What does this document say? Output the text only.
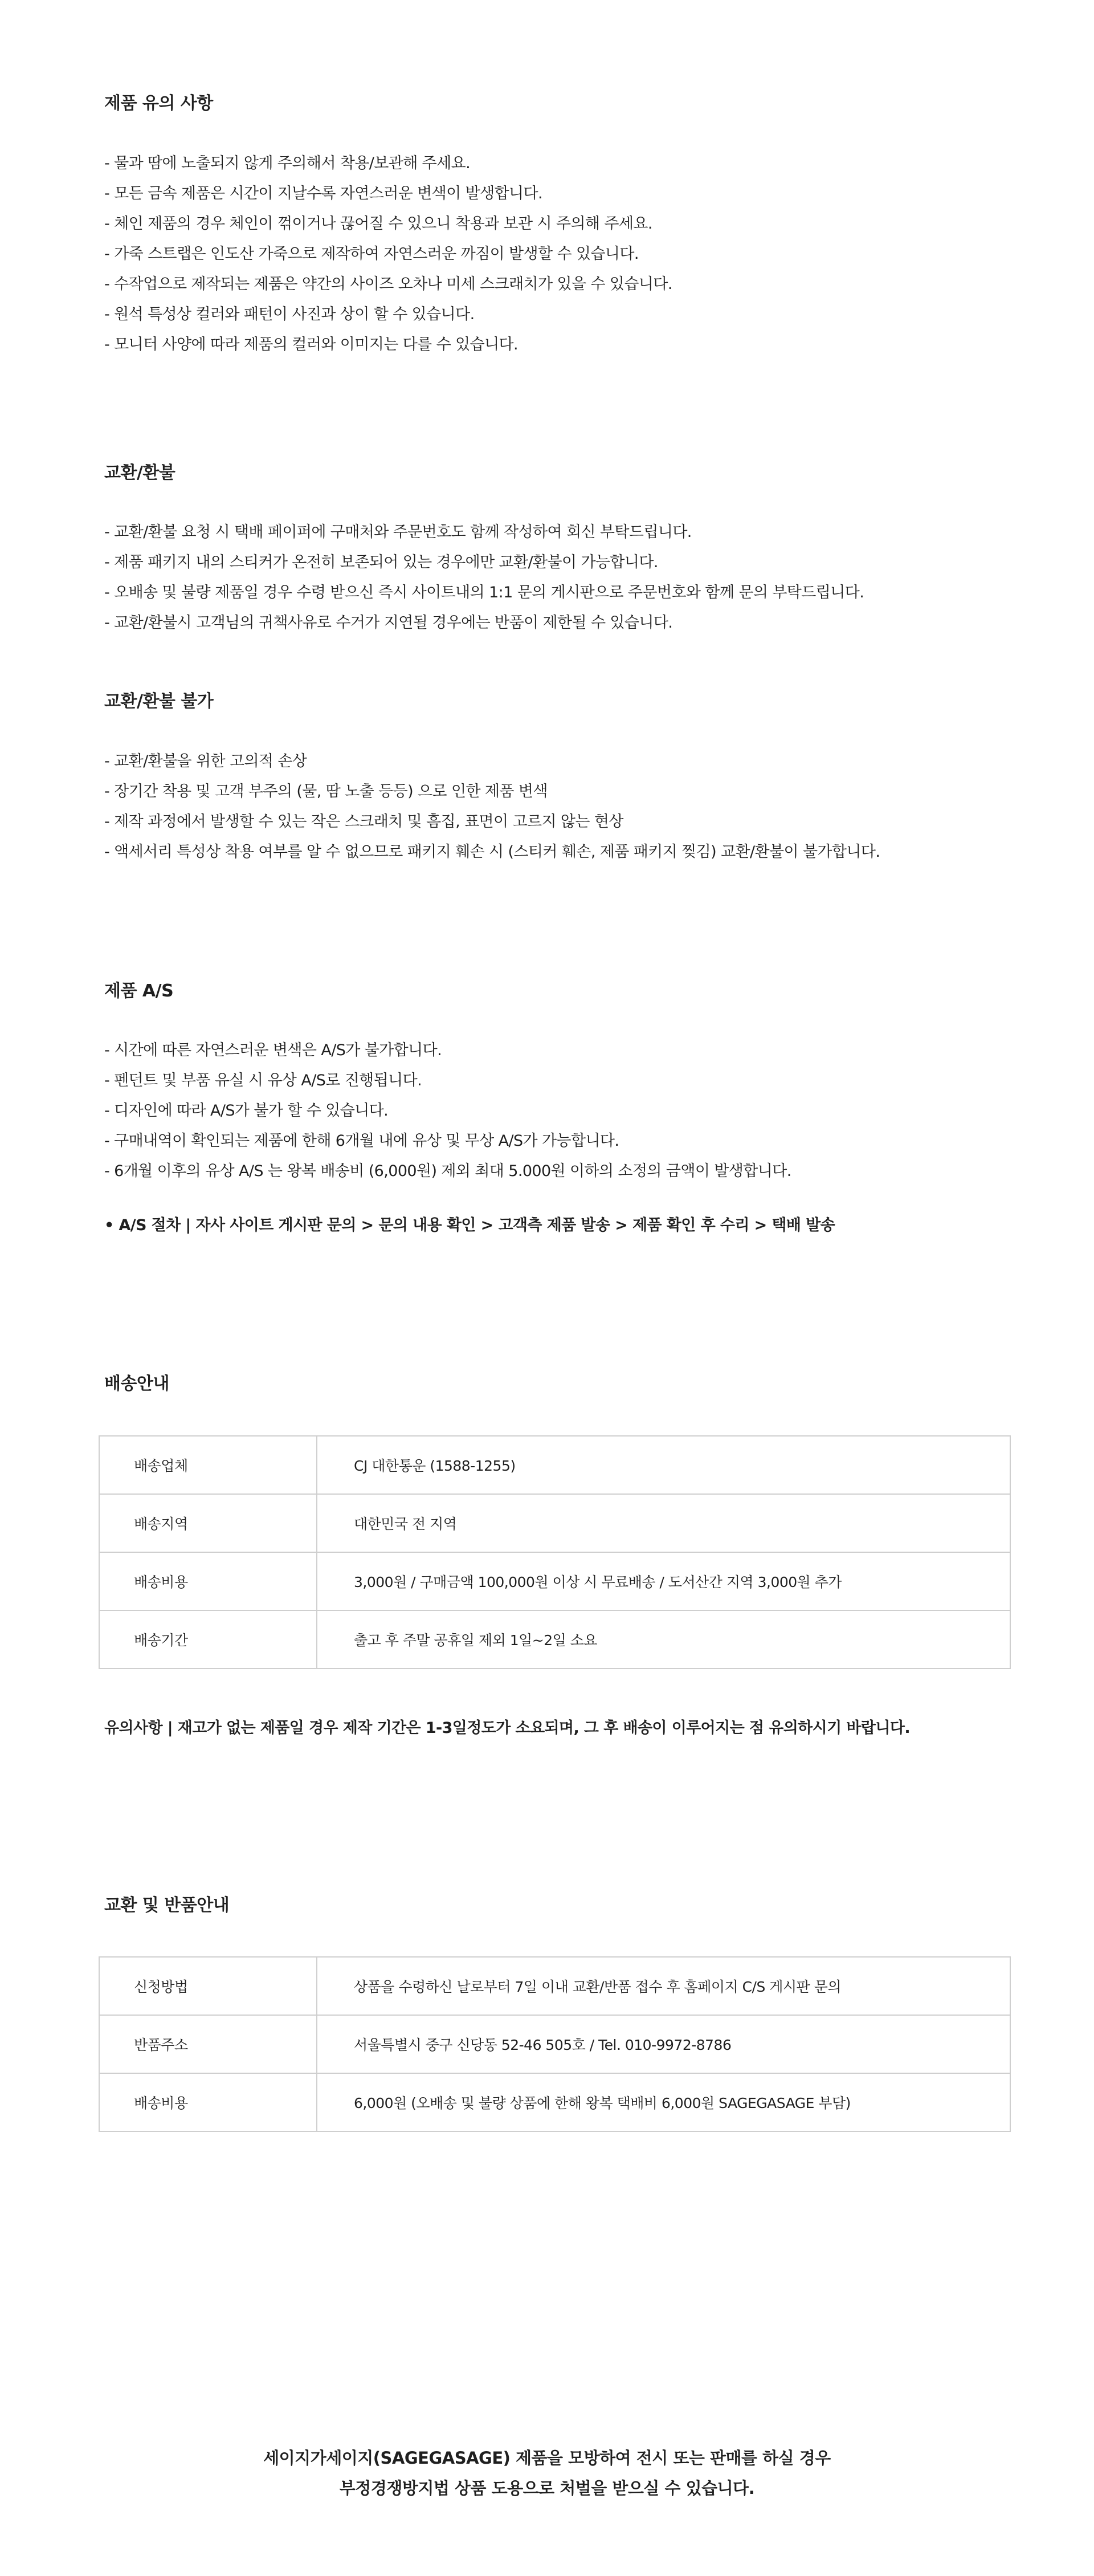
제품 유의 사항
- 물과 땀에 노출되지 않게 주의해서 착용/보관해 주세요.
- 모든 금속 제품은 시간이 지날수록 자연스러운 변색이 발생합니다.
- 체인 제품의 경우 체인이 꺾이거나 끊어질 수 있으니 착용과 보관 시 주의해 주세요.
- 가죽 스트랩은 인도산 가죽으로 제작하여 자연스러운 까짐이 발생할 수 있습니다.
- 수작업으로 제작되는 제품은 약간의 사이즈 오차나 미세 스크래치가 있을 수 있습니다.
- 원석 특성상 컬러와 패턴이 사진과 상이 할 수 있습니다.
- 모니터 사양에 따라 제품의 컬러와 이미지는 다를 수 있습니다.
교환/환불
- 교환/환불 요청 시 택배 페이퍼에 구매처와 주문번호도 함께 작성하여 회신 부탁드립니다.
- 제품 패키지 내의 스티커가 온전히 보존되어 있는 경우에만 교환/환불이 가능합니다.
- 오배송 및 불량 제품일 경우 수령 받으신 즉시 사이트내의 1:1 문의 게시판으로 주문번호와 함께 문의 부탁드립니다.
- 교환/환불시 고객님의 귀책사유로 수거가 지연될 경우에는 반품이 제한될 수 있습니다.
교환/환불 불가
- 교환/환불을 위한 고의적 손상
- 장기간 착용 및 고객 부주의 (물, 땀 노출 등등) 으로 인한 제품 변색
- 제작 과정에서 발생할 수 있는 작은 스크래치 및 흠집, 표면이 고르지 않는 현상
- 액세서리 특성상 착용 여부를 알 수 없으므로 패키지 훼손 시 (스티커 훼손, 제품 패키지 찢김) 교환/환불이 불가합니다.
제품 A/S
- 시간에 따른 자연스러운 변색은 A/S가 불가합니다.
- 펜던트 및 부품 유실 시 유상 A/S로 진행됩니다.
- 디자인에 따라 A/S가 불가 할 수 있습니다.
- 구매내역이 확인되는 제품에 한해 6개월 내에 유상 및 무상 A/S가 가능합니다.
- 6개월 이후의 유상 A/S 는 왕복 배송비 (6,000원) 제외 최대 5.000원 이하의 소정의 금액이 발생합니다.

• A/S 절차 | 자사 사이트 게시판 문의 > 문의 내용 확인 > 고객측 제품 발송 > 제품 확인 후 수리 > 택배 발송

배송안내
배송업체	CJ 대한통운 (1588-1255)
배송지역	대한민국 전 지역
배송비용	3,000원 / 구매금액 100,000원 이상 시 무료배송 / 도서산간 지역 3,000원 추가
배송기간	출고 후 주말 공휴일 제외 1일~2일 소요

유의사항 | 재고가 없는 제품일 경우 제작 기간은 1-3일정도가 소요되며, 그 후 배송이 이루어지는 점 유의하시기 바랍니다.

교환 및 반품안내
신청방법	상품을 수령하신 날로부터 7일 이내 교환/반품 접수 후 홈페이지 C/S 게시판 문의
반품주소	서울특별시 중구 신당동 52-46 505호 / Tel. 010-9972-8786
배송비용	6,000원 (오배송 및 불량 상품에 한해 왕복 택배비 6,000원 SAGEGASAGE 부담)
세이지가세이지(SAGEGASAGE) 제품을 모방하여 전시 또는 판매를 하실 경우
부정경쟁방지법 상품 도용으로 처벌을 받으실 수 있습니다.
